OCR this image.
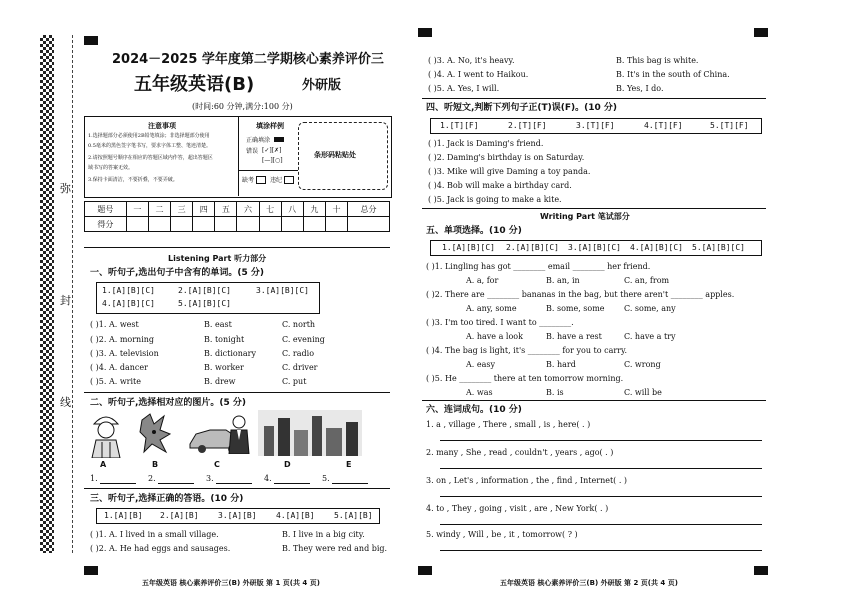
弥
封
线
2024－2025 学年度第二学期核心素养评价三
五年级英语(B)	外研版
(时间:60 分钟,满分:100 分)
注意事项
1.选择题部分必须使用2B铅笔填涂；非选择题部分使用
0.5毫米的黑色签字笔书写，要求字体工整、笔迹清楚。
2.请按照题号顺序在相应的答题区域内作答，超出答题区
域书写的答案无效。
3.保持卡面清洁，不要折叠，不要弄破。
填涂样例
正确填涂
错误 [✓][✗]
[—][○]
缺考	违纪
条形码粘贴处
题号	一	二	三	四	五	六	七	八	九	十	总分
得分											
Listening Part 听力部分
一、听句子,选出句子中含有的单词。(5 分)
1.[A][B][C]	2.[A][B][C]	3.[A][B][C]
4.[A][B][C]	5.[A][B][C]
( )1. A. west	B. east	C. north
( )2. A. morning	B. tonight	C. evening
( )3. A. television	B. dictionary	C. radio
( )4. A. dancer	B. worker	C. driver
( )5. A. write	B. drew	C. put
二、听句子,选择相对应的图片。(5 分)
A	B	C	D	E
1.	2.	3.	4.	5.
三、听句子,选择正确的答语。(10 分)
1.[A][B] 2.[A][B] 3.[A][B] 4.[A][B] 5.[A][B]
( )1. A. I lived in a small village.	B. I live in a big city.
( )2. A. He had eggs and sausages.	B. They were red and big.
五年级英语 核心素养评价三(B) 外研版 第 1 页(共 4 页)
( )3. A. No, it's heavy.	B. This bag is white.
( )4. A. I went to Haikou.	B. It's in the south of China.
( )5. A. Yes, I will.	B. Yes, I do.
四、听短文,判断下列句子正(T)误(F)。(10 分)
1.[T][F]	2.[T][F]	3.[T][F]	4.[T][F]	5.[T][F]
( )1. Jack is Daming's friend.
( )2. Daming's birthday is on Saturday.
( )3. Mike will give Daming a toy panda.
( )4. Bob will make a birthday card.
( )5. Jack is going to make a kite.
Writing Part 笔试部分
五、单项选择。(10 分)
1.[A][B][C] 2.[A][B][C] 3.[A][B][C] 4.[A][B][C] 5.[A][B][C]
( )1. Lingling has got ________ email ________ her friend.
A. a, for	B. an, in	C. an, from
( )2. There are ________ bananas in the bag, but there aren't ________ apples.
A. any, some	B. some, some C. some, any
( )3. I'm too tired. I want to ________.
A. have a look	B. have a rest	C. have a try
( )4. The bag is light, it's ________ for you to carry.
A. easy	B. hard	C. wrong
( )5. He ________ there at ten tomorrow morning.
A. was	B. is	C. will be
六、连词成句。(10 分)
1. a , village , There , small , is , here( . )
2. many , She , read , couldn't , years , ago( . )
3. on , Let's , information , the , find , Internet( . )
4. to , They , going , visit , are , New York( . )
5. windy , Will , be , it , tomorrow( ? )
五年级英语 核心素养评价三(B) 外研版 第 2 页(共 4 页)
